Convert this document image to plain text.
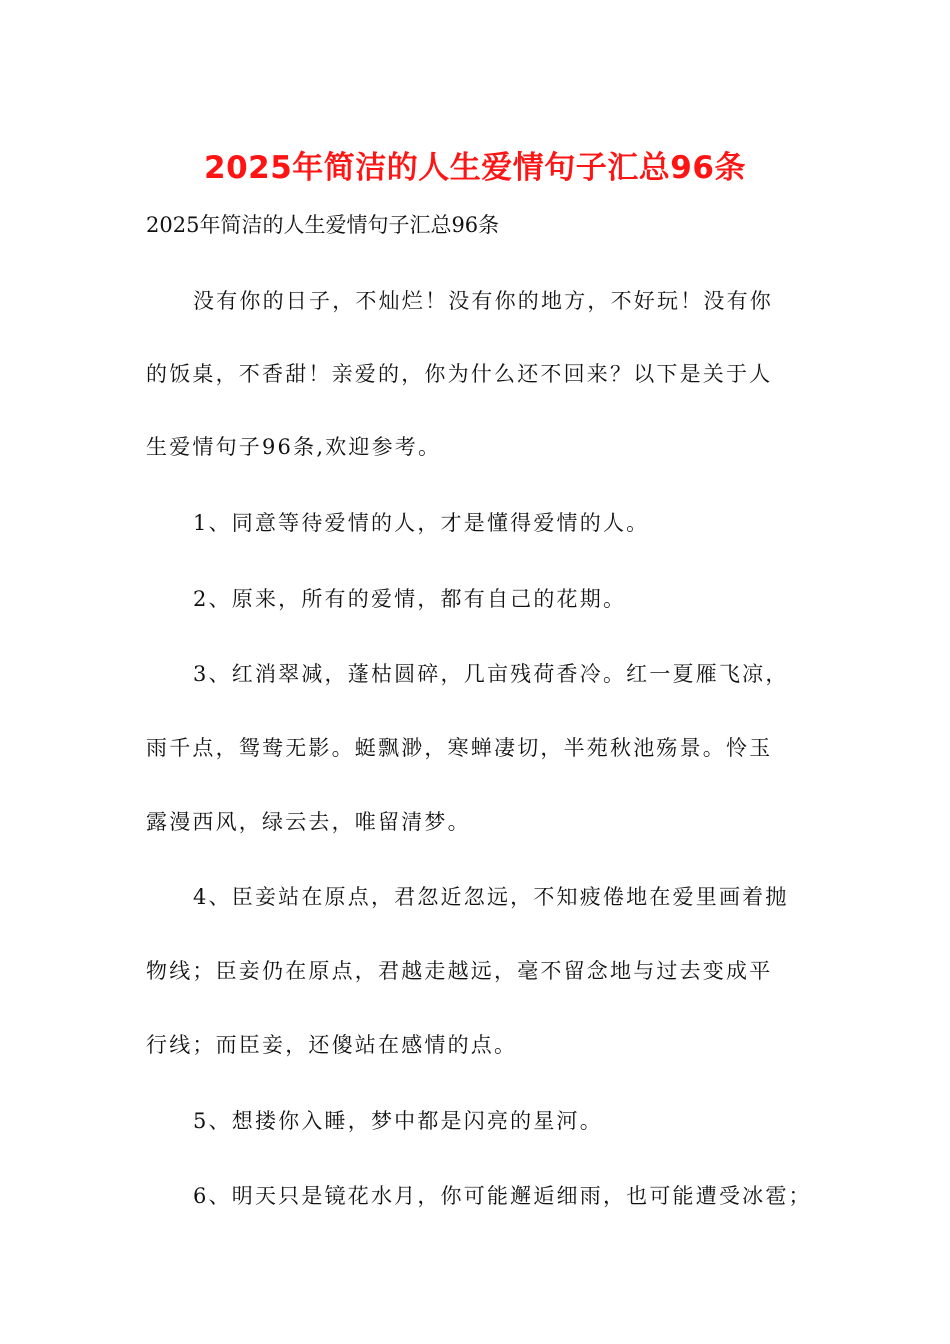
2025年简洁的人生爱情句子汇总96条

2025年简洁的人生爱情句子汇总96条

没有你的日子，不灿烂！没有你的地方，不好玩！没有你

的饭桌，不香甜！亲爱的，你为什么还不回来？以下是关于人

生爱情句子96条,欢迎参考。

1、同意等待爱情的人，才是懂得爱情的人。

2、原来，所有的爱情，都有自己的花期。

3、红消翠减，蓬枯圆碎，几亩残荷香冷。红一夏雁飞凉，

雨千点，鸳鸯无影。蜓飘渺，寒蝉凄切，半苑秋池殇景。怜玉

露漫西风，绿云去，唯留清梦。

4、臣妾站在原点，君忽近忽远，不知疲倦地在爱里画着抛

物线；臣妾仍在原点，君越走越远，毫不留念地与过去变成平

行线；而臣妾，还傻站在感情的点。

5、想搂你入睡，梦中都是闪亮的星河。

6、明天只是镜花水月，你可能邂逅细雨，也可能遭受冰雹；
